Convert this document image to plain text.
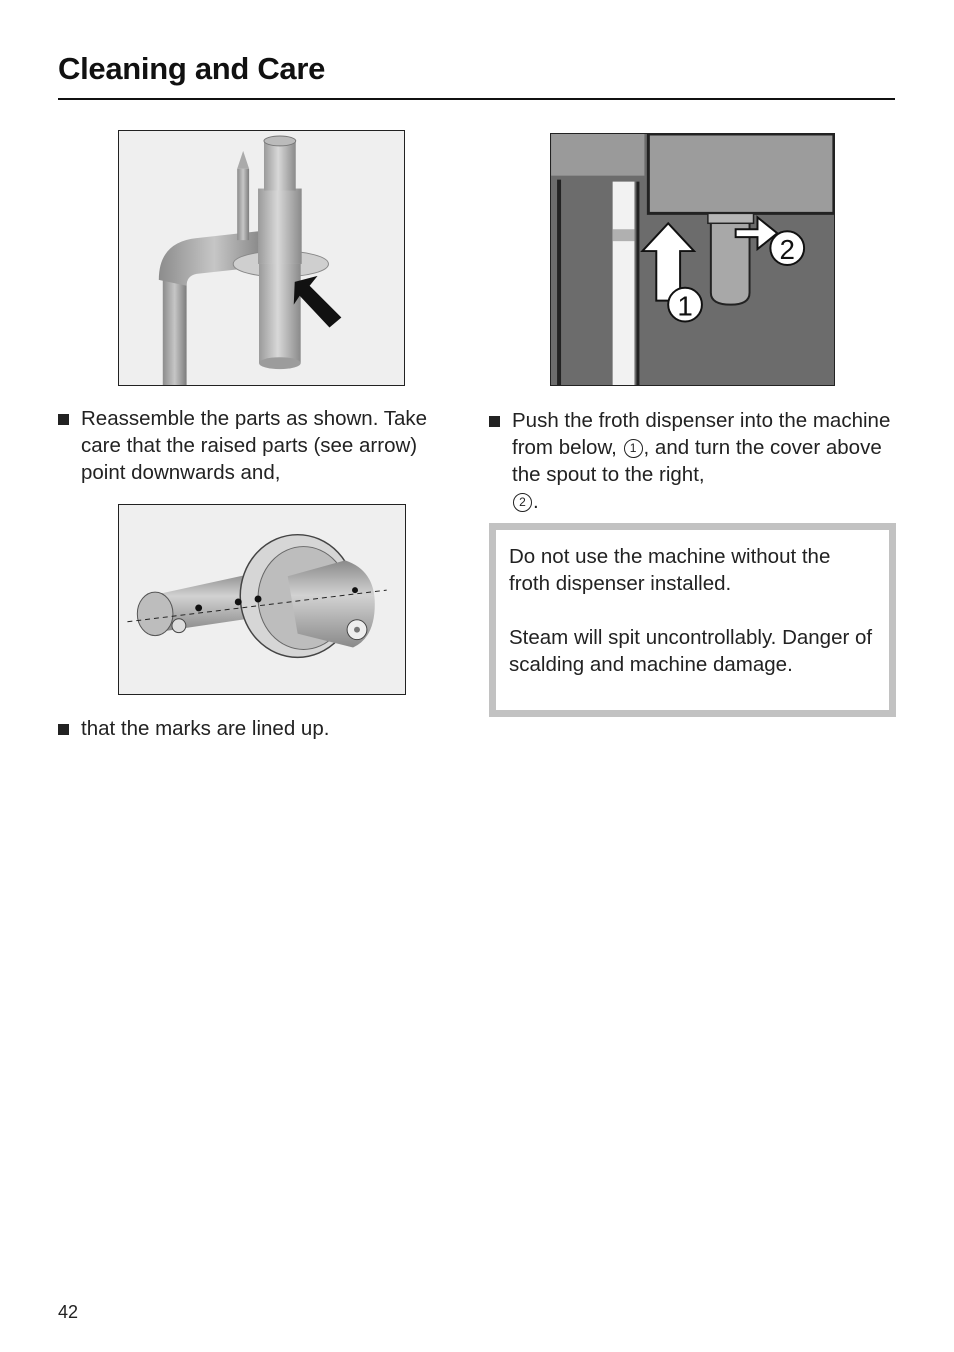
Cleaning and Care
1
2
Reassemble the parts as shown. Take care that the raised parts (see arrow) point downwards and,
that the marks are lined up.
Push the froth dispenser into the machine from below, 1 , and turn the cover above the spout to the right,
2 .

Do not use the machine without the froth dispenser installed.

Steam will spit uncontrollably. Danger of scalding and machine damage.

42
